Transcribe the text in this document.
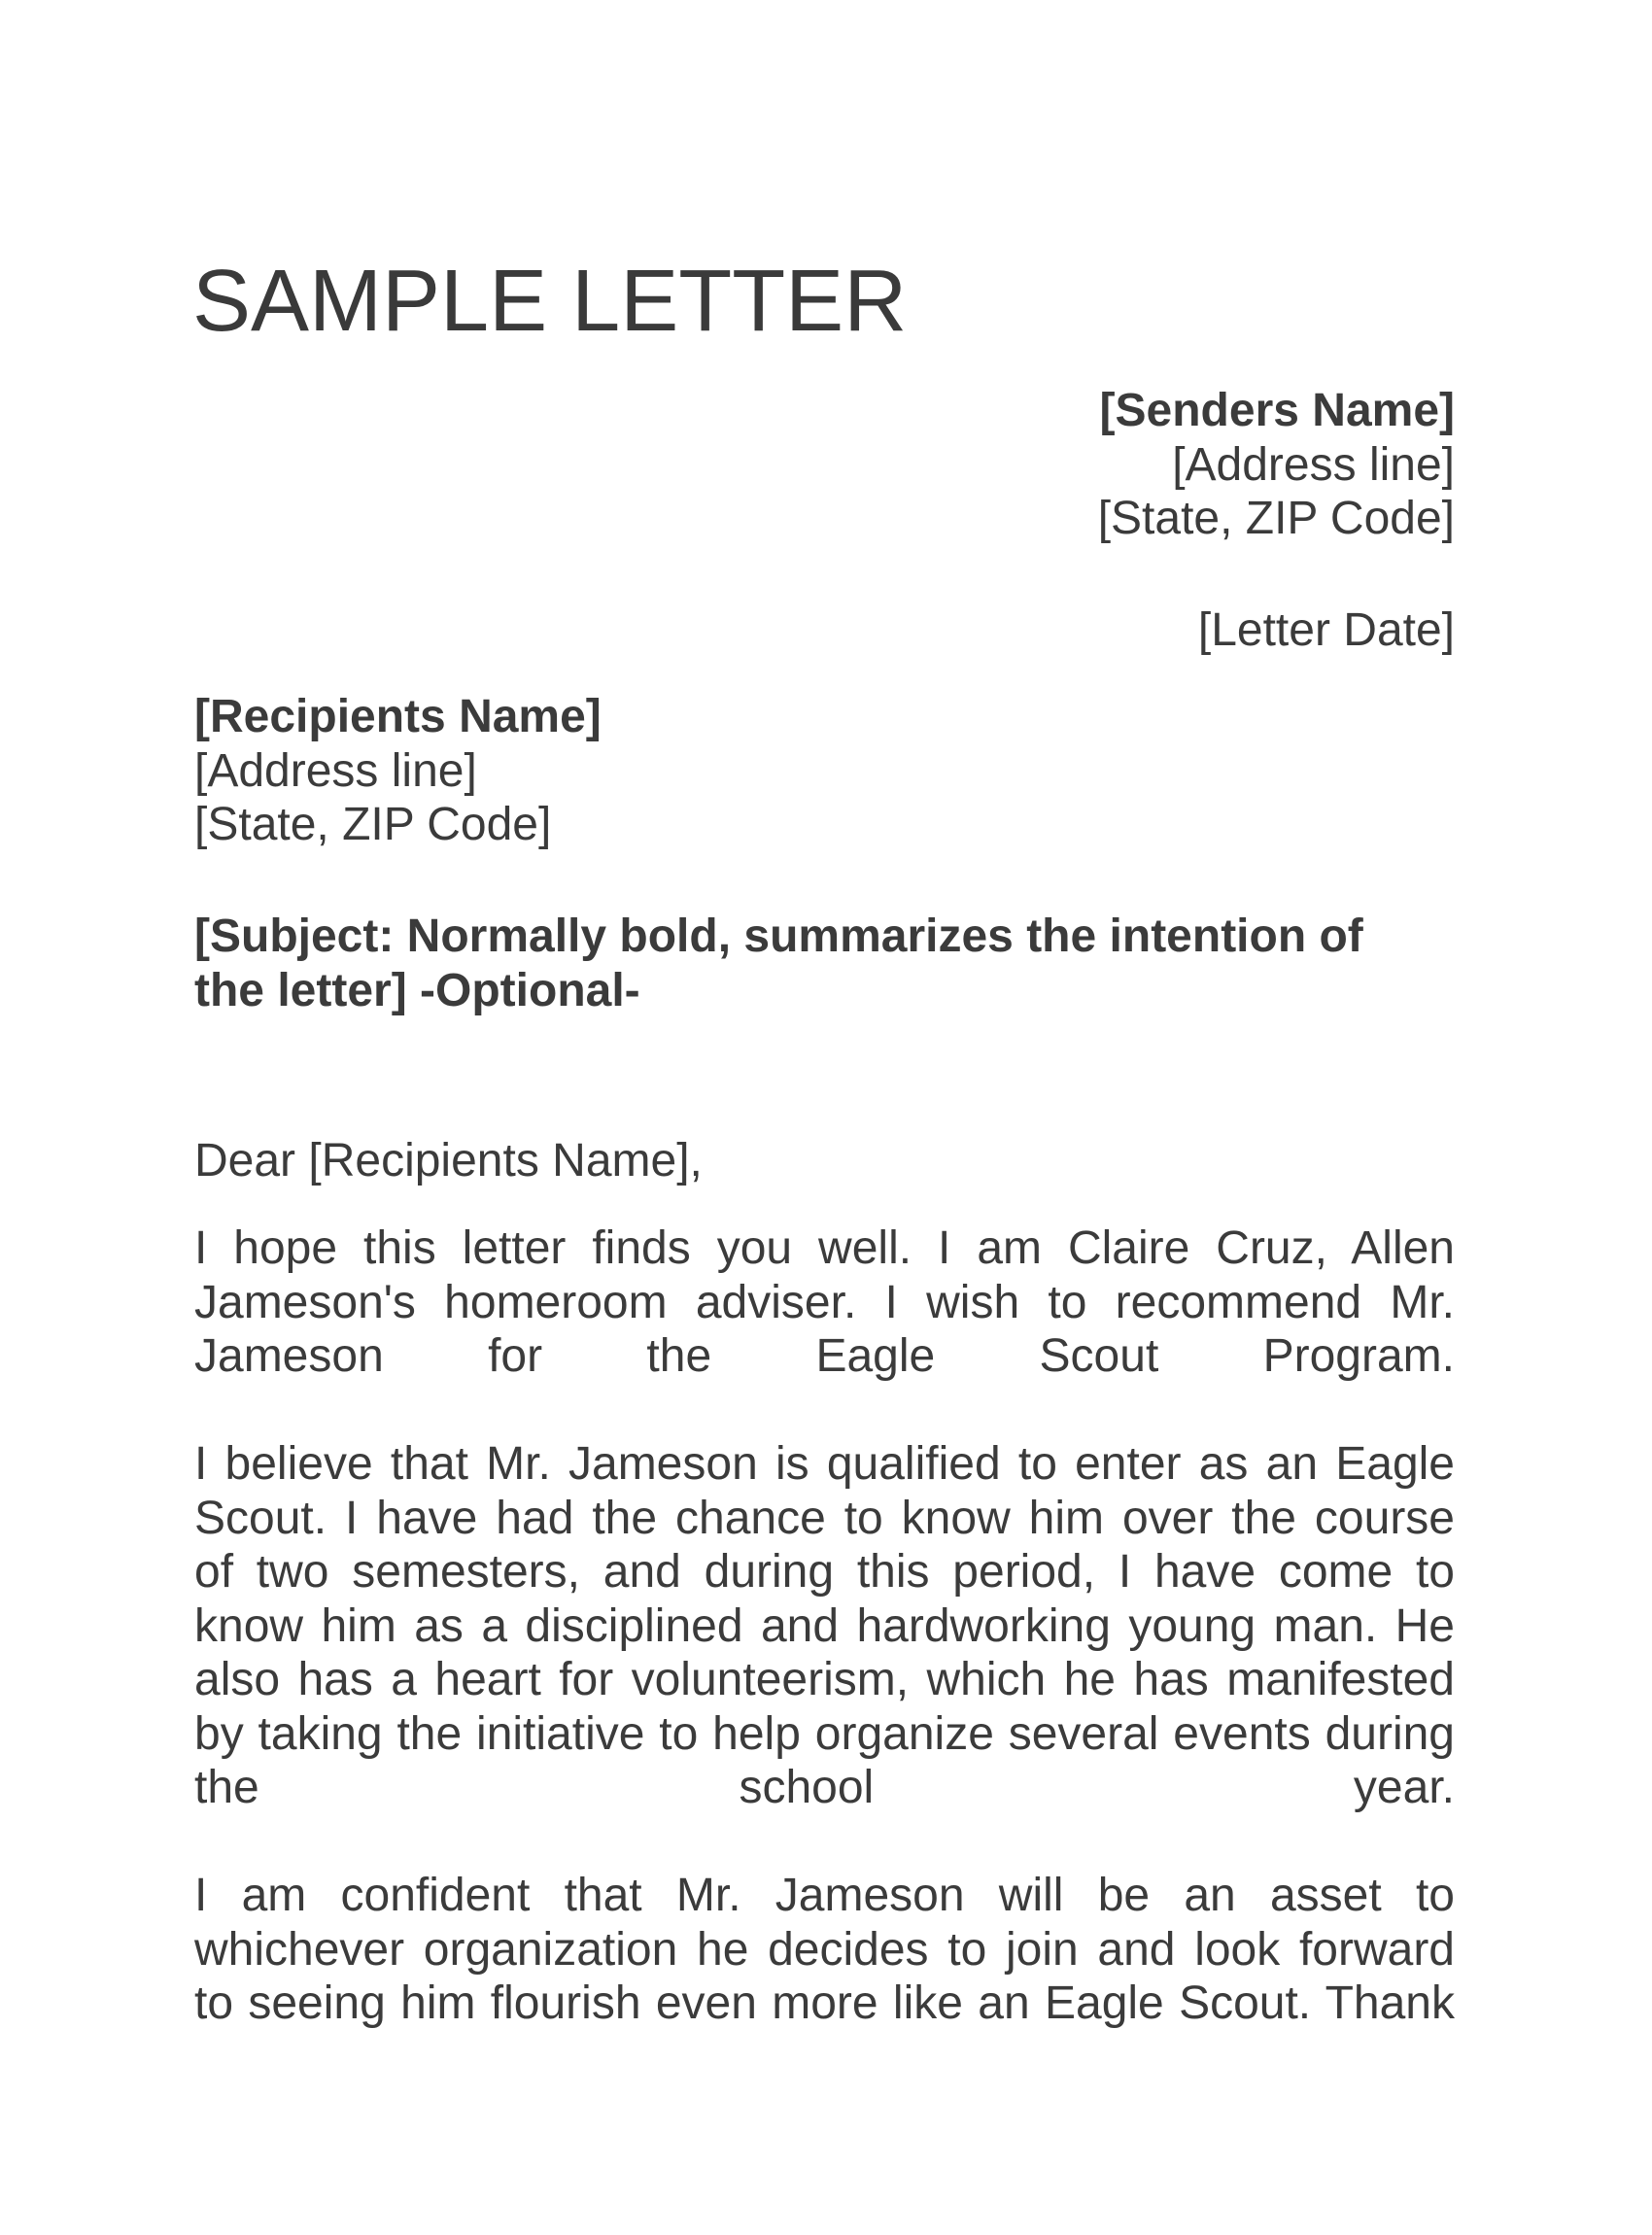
SAMPLE LETTER
[Senders Name]
[Address line]
[State, ZIP Code]
[Letter Date]
[Recipients Name]
[Address line]
[State, ZIP Code]
[Subject: Normally bold, summarizes the intention of
the letter] -Optional-
Dear [Recipients Name],
I hope this letter finds you well. I am Claire Cruz, Allen
Jameson's homeroom adviser. I wish to recommend Mr.
Jameson for the Eagle Scout Program.
I believe that Mr. Jameson is qualified to enter as an Eagle
Scout. I have had the chance to know him over the course
of two semesters, and during this period, I have come to
know him as a disciplined and hardworking young man. He
also has a heart for volunteerism, which he has manifested
by taking the initiative to help organize several events during
the school year.
I am confident that Mr. Jameson will be an asset to
whichever organization he decides to join and look forward
to seeing him flourish even more like an Eagle Scout. Thank
